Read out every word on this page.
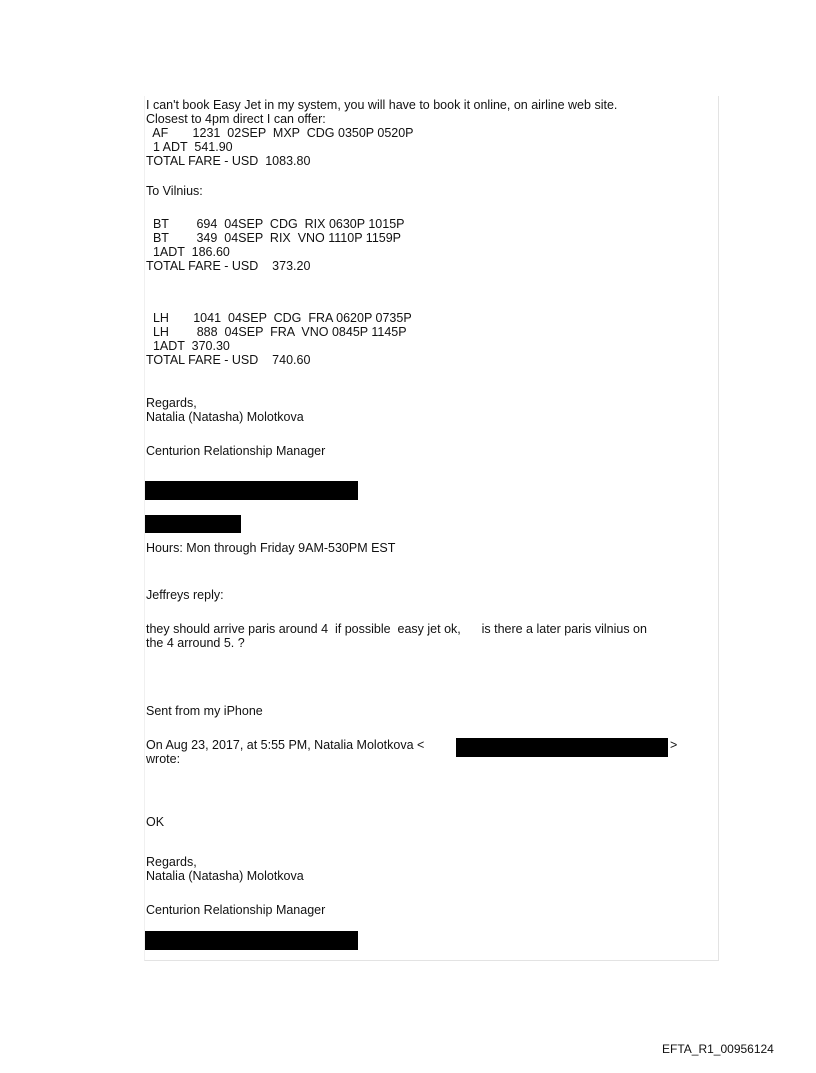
I can't book Easy Jet in my system, you will have to book it online, on airline web site.
Closest to 4pm direct I can offer:
AF       1231  02SEP  MXP  CDG 0350P 0520P
1 ADT  541.90
TOTAL FARE - USD  1083.80
To Vilnius:
BT        694  04SEP  CDG  RIX 0630P 1015P
BT        349  04SEP  RIX  VNO 1110P 1159P
1ADT  186.60
TOTAL FARE - USD    373.20
LH       1041  04SEP  CDG  FRA 0620P 0735P
LH        888  04SEP  FRA  VNO 0845P 1145P
1ADT  370.30
TOTAL FARE - USD    740.60
Regards,
Natalia (Natasha) Molotkova
Centurion Relationship Manager
Hours: Mon through Friday 9AM-530PM EST
Jeffreys reply:
they should arrive paris around 4  if possible  easy jet ok,      is there a later paris vilnius on
the 4 arround 5. ?
Sent from my iPhone
On Aug 23, 2017, at 5:55 PM, Natalia Molotkova <	>
wrote:
OK
Regards,
Natalia (Natasha) Molotkova
Centurion Relationship Manager
EFTA_R1_00956124
